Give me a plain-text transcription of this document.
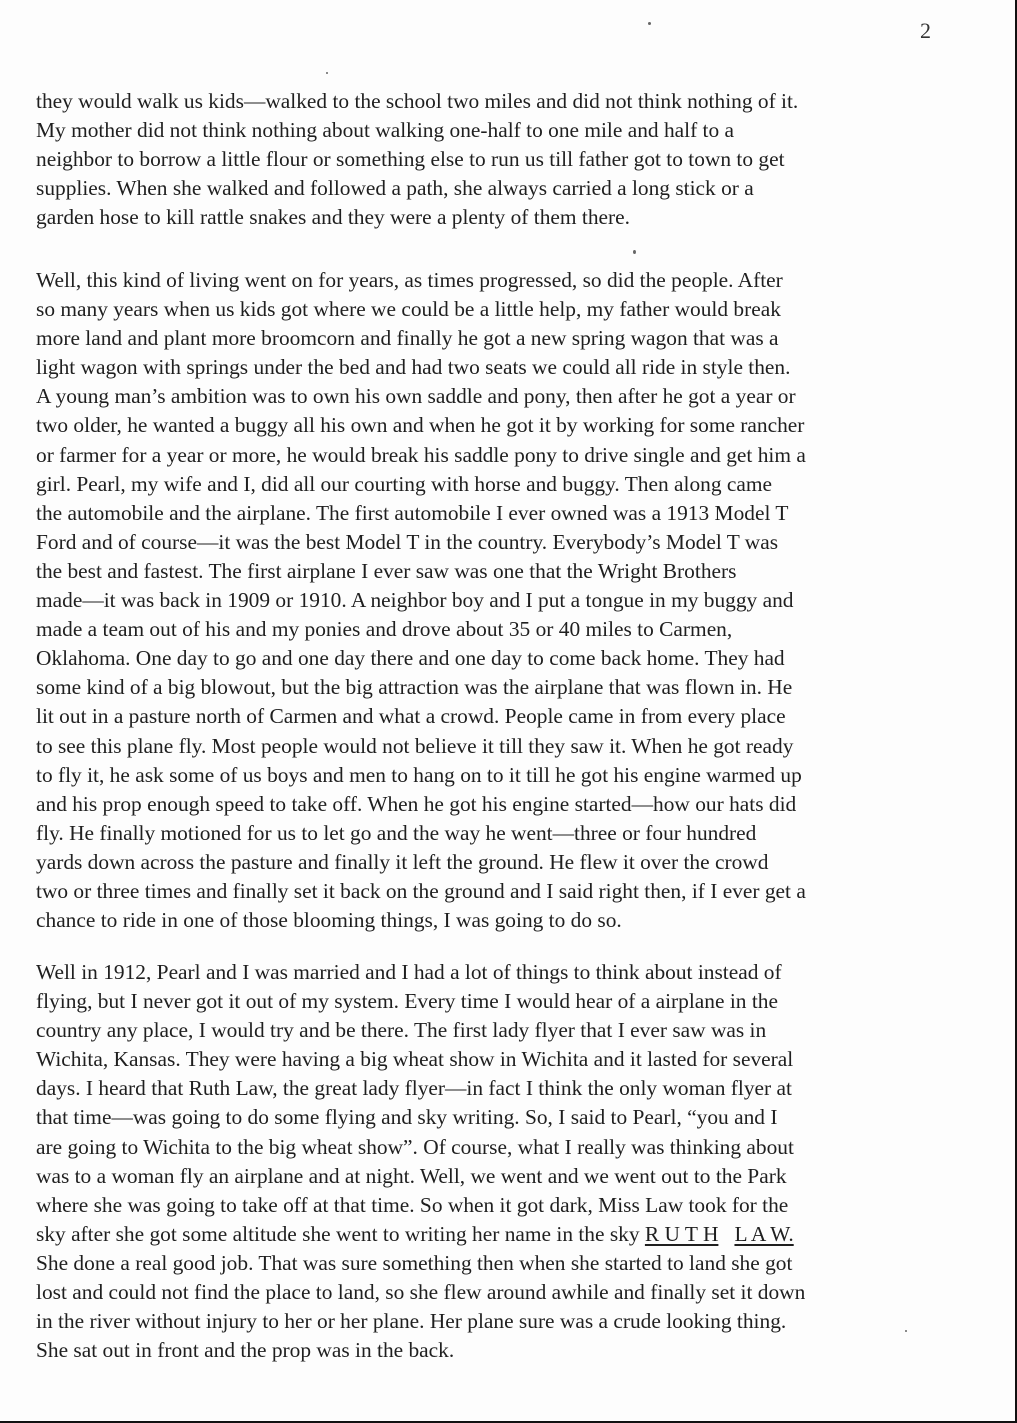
2
they would walk us kids—walked to the school two miles and did not think nothing of it.
My mother did not think nothing about walking one-half to one mile and half to a
neighbor to borrow a little flour or something else to run us till father got to town to get
supplies. When she walked and followed a path, she always carried a long stick or a
garden hose to kill rattle snakes and they were a plenty of them there.
Well, this kind of living went on for years, as times progressed, so did the people. After
so many years when us kids got where we could be a little help, my father would break
more land and plant more broomcorn and finally he got a new spring wagon that was a
light wagon with springs under the bed and had two seats we could all ride in style then.
A young man’s ambition was to own his own saddle and pony, then after he got a year or
two older, he wanted a buggy all his own and when he got it by working for some rancher
or farmer for a year or more, he would break his saddle pony to drive single and get him a
girl. Pearl, my wife and I, did all our courting with horse and buggy. Then along came
the automobile and the airplane. The first automobile I ever owned was a 1913 Model T
Ford and of course—it was the best Model T in the country. Everybody’s Model T was
the best and fastest. The first airplane I ever saw was one that the Wright Brothers
made—it was back in 1909 or 1910. A neighbor boy and I put a tongue in my buggy and
made a team out of his and my ponies and drove about 35 or 40 miles to Carmen,
Oklahoma. One day to go and one day there and one day to come back home. They had
some kind of a big blowout, but the big attraction was the airplane that was flown in. He
lit out in a pasture north of Carmen and what a crowd. People came in from every place
to see this plane fly. Most people would not believe it till they saw it. When he got ready
to fly it, he ask some of us boys and men to hang on to it till he got his engine warmed up
and his prop enough speed to take off. When he got his engine started—how our hats did
fly. He finally motioned for us to let go and the way he went—three or four hundred
yards down across the pasture and finally it left the ground. He flew it over the crowd
two or three times and finally set it back on the ground and I said right then, if I ever get a
chance to ride in one of those blooming things, I was going to do so.
Well in 1912, Pearl and I was married and I had a lot of things to think about instead of
flying, but I never got it out of my system. Every time I would hear of a airplane in the
country any place, I would try and be there. The first lady flyer that I ever saw was in
Wichita, Kansas. They were having a big wheat show in Wichita and it lasted for several
days. I heard that Ruth Law, the great lady flyer—in fact I think the only woman flyer at
that time—was going to do some flying and sky writing. So, I said to Pearl, “you and I
are going to Wichita to the big wheat show”. Of course, what I really was thinking about
was to a woman fly an airplane and at night. Well, we went and we went out to the Park
where she was going to take off at that time. So when it got dark, Miss Law took for the
sky after she got some altitude she went to writing her name in the sky R U T H L A W.
She done a real good job. That was sure something then when she started to land she got
lost and could not find the place to land, so she flew around awhile and finally set it down
in the river without injury to her or her plane. Her plane sure was a crude looking thing.
She sat out in front and the prop was in the back.
